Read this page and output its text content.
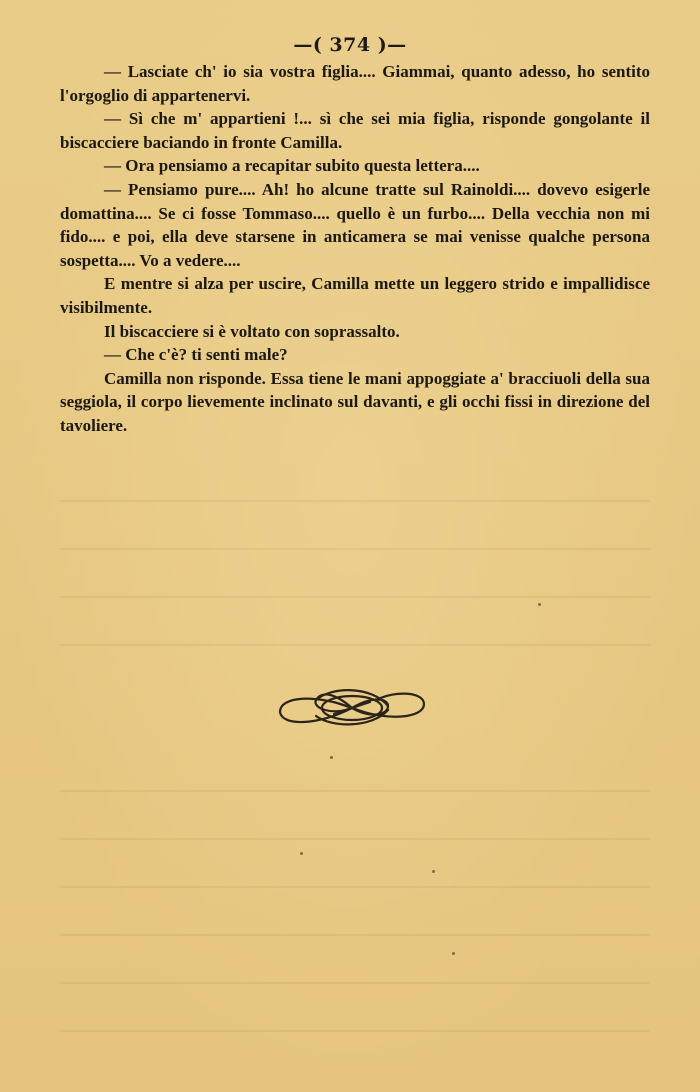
—( 374 )—

— Lasciate ch' io sia vostra figlia.... Giammai, quanto adesso, ho sentito l'orgoglio di appartenervi.

— Sì che m' appartieni !... sì che sei mia figlia, risponde gongolante il biscacciere baciando in fronte Camilla.

— Ora pensiamo a recapitar subito questa lettera....

— Pensiamo pure.... Ah! ho alcune tratte sul Rainoldi.... dovevo esigerle domattina.... Se ci fosse Tommaso.... quello è un furbo.... Della vecchia non mi fido.... e poi, ella deve starsene in anticamera se mai venisse qualche persona sospetta.... Vo a vedere....

E mentre si alza per uscire, Camilla mette un leggero strido e impallidisce visibilmente.

Il biscacciere si è voltato con soprassalto.

— Che c'è? ti senti male?

Camilla non risponde. Essa tiene le mani appoggiate a' bracciuoli della sua seggiola, il corpo lievemente inclinato sul davanti, e gli occhi fissi in direzione del tavoliere.
